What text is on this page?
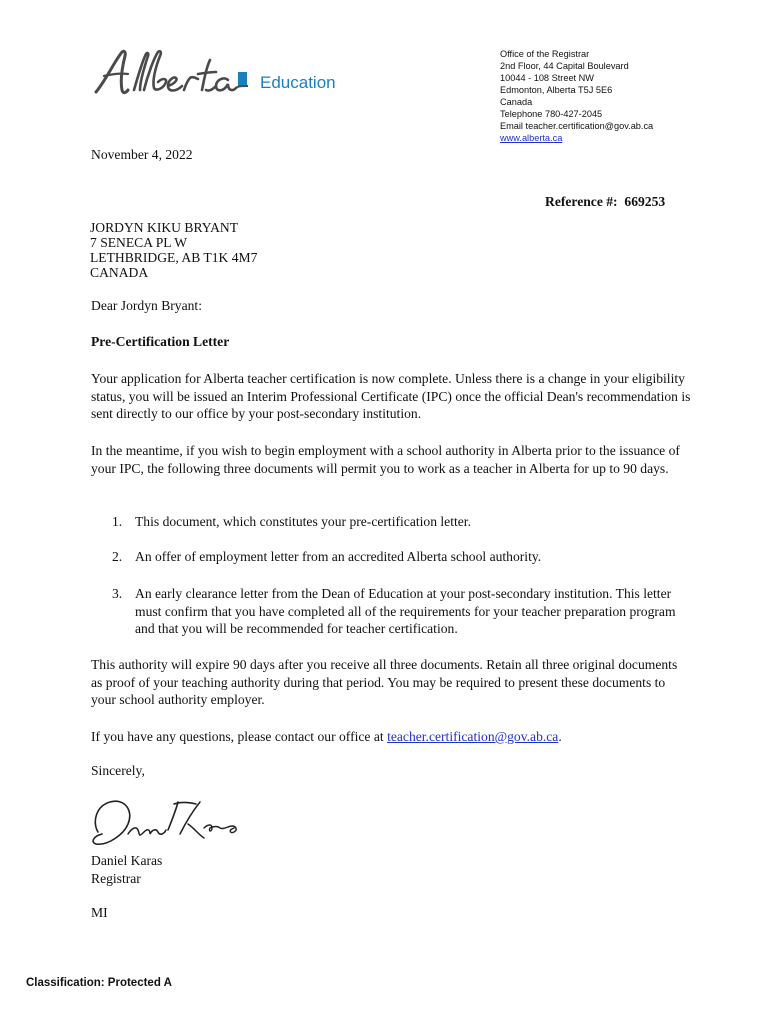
Education
Office of the Registrar
2nd Floor, 44 Capital Boulevard
10044 - 108 Street NW
Edmonton, Alberta T5J 5E6
Canada
Telephone 780-427-2045
Email teacher.certification@gov.ab.ca
www.alberta.ca
November 4, 2022
Reference #: 669253
JORDYN KIKU BRYANT
7 SENECA PL W
LETHBRIDGE, AB T1K 4M7
CANADA
Dear Jordyn Bryant:
Pre-Certification Letter
Your application for Alberta teacher certification is now complete. Unless there is a change in your eligibility status, you will be issued an Interim Professional Certificate (IPC) once the official Dean's recommendation is sent directly to our office by your post-secondary institution.
In the meantime, if you wish to begin employment with a school authority in Alberta prior to the issuance of your IPC, the following three documents will permit you to work as a teacher in Alberta for up to 90 days.
1. This document, which constitutes your pre-certification letter.
2. An offer of employment letter from an accredited Alberta school authority.
3. An early clearance letter from the Dean of Education at your post-secondary institution. This letter must confirm that you have completed all of the requirements for your teacher preparation program and that you will be recommended for teacher certification.
This authority will expire 90 days after you receive all three documents. Retain all three original documents as proof of your teaching authority during that period. You may be required to present these documents to your school authority employer.
If you have any questions, please contact our office at teacher.certification@gov.ab.ca.
Sincerely,
Daniel Karas
Registrar
MI
Classification: Protected A
